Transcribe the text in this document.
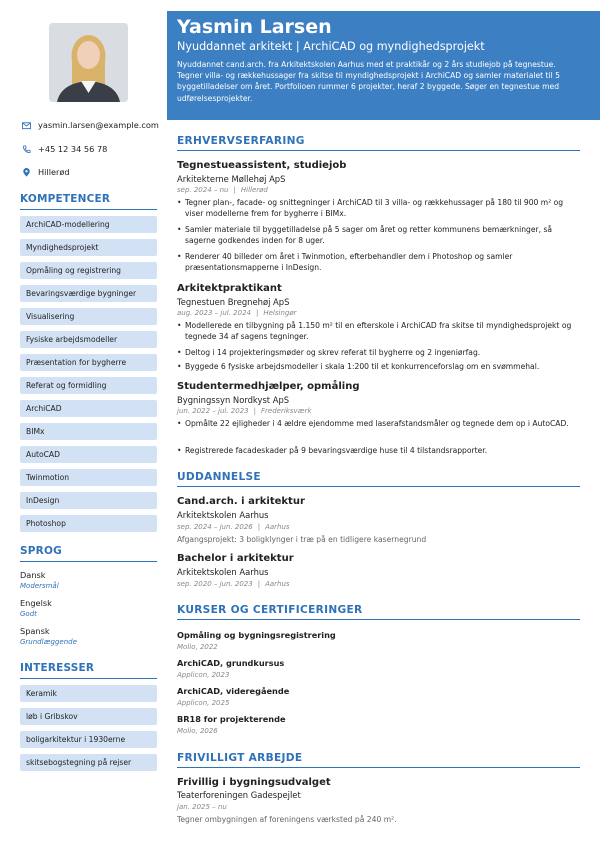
yasmin.larsen@example.com
+45 12 34 56 78
Hillerød
KOMPETENCER
ArchiCAD-modellering
Myndighedsprojekt
Opmåling og registrering
Bevaringsværdige bygninger
Visualisering
Fysiske arbejdsmodeller
Præsentation for bygherre
Referat og formidling
ArchiCAD
BIMx
AutoCAD
Twinmotion
InDesign
Photoshop
SPROG
Dansk
Modersmål
Engelsk
Godt
Spansk
Grundlæggende
INTERESSER
Keramik
løb i Gribskov
boligarkitektur i 1930erne
skitsebogstegning på rejser
Yasmin Larsen
Nyuddannet arkitekt | ArchiCAD og myndighedsprojekt
Nyuddannet cand.arch. fra Arkitektskolen Aarhus med et praktikår og 2 års studiejob på tegnestue. Tegner villa- og rækkehussager fra skitse til myndighedsprojekt i ArchiCAD og samler materialet til 5 byggetilladelser om året. Portfolioen rummer 6 projekter, heraf 2 byggede. Søger en tegnestue med udførelsesprojekter.
ERHVERVSERFARING
Tegnestueassistent, studiejob
Arkitekterne Møllehøj ApS
sep. 2024 – nu | Hillerød
• Tegner plan-, facade- og snittegninger i ArchiCAD til 3 villa- og rækkehussager på 180 til 900 m² og viser modellerne frem for bygherre i BIMx.
• Samler materiale til byggetilladelse på 5 sager om året og retter kommunens bemærkninger, så sagerne godkendes inden for 8 uger.
• Renderer 40 billeder om året i Twinmotion, efterbehandler dem i Photoshop og samler præsentationsmapperne i InDesign.
Arkitektpraktikant
Tegnestuen Bregnehøj ApS
aug. 2023 – jul. 2024 | Helsingør
• Modellerede en tilbygning på 1.150 m² til en efterskole i ArchiCAD fra skitse til myndighedsprojekt og tegnede 34 af sagens tegninger.
• Deltog i 14 projekteringsmøder og skrev referat til bygherre og 2 ingeniørfag.
• Byggede 6 fysiske arbejdsmodeller i skala 1:200 til et konkurrenceforslag om en svømmehal.
Studentermedhjælper, opmåling
Bygningssyn Nordkyst ApS
jun. 2022 – jul. 2023 | Frederiksværk
• Opmålte 22 ejligheder i 4 ældre ejendomme med laserafstandsmåler og tegnede dem op i AutoCAD.
• Registrerede facadeskader på 9 bevaringsværdige huse til 4 tilstandsrapporter.
UDDANNELSE
Cand.arch. i arkitektur
Arkitektskolen Aarhus
sep. 2024 – jun. 2026 | Aarhus
Afgangsprojekt: 3 boligklynger i træ på en tidligere kasernegrund
Bachelor i arkitektur
Arkitektskolen Aarhus
sep. 2020 – jun. 2023 | Aarhus
KURSER OG CERTIFICERINGER
Opmåling og bygningsregistrering
Molio, 2022
ArchiCAD, grundkursus
Applicon, 2023
ArchiCAD, videregående
Applicon, 2025
BR18 for projekterende
Molio, 2026
FRIVILLIGT ARBEJDE
Frivillig i bygningsudvalget
Teaterforeningen Gadespejlet
jan. 2025 – nu
Tegner ombygningen af foreningens værksted på 240 m².
